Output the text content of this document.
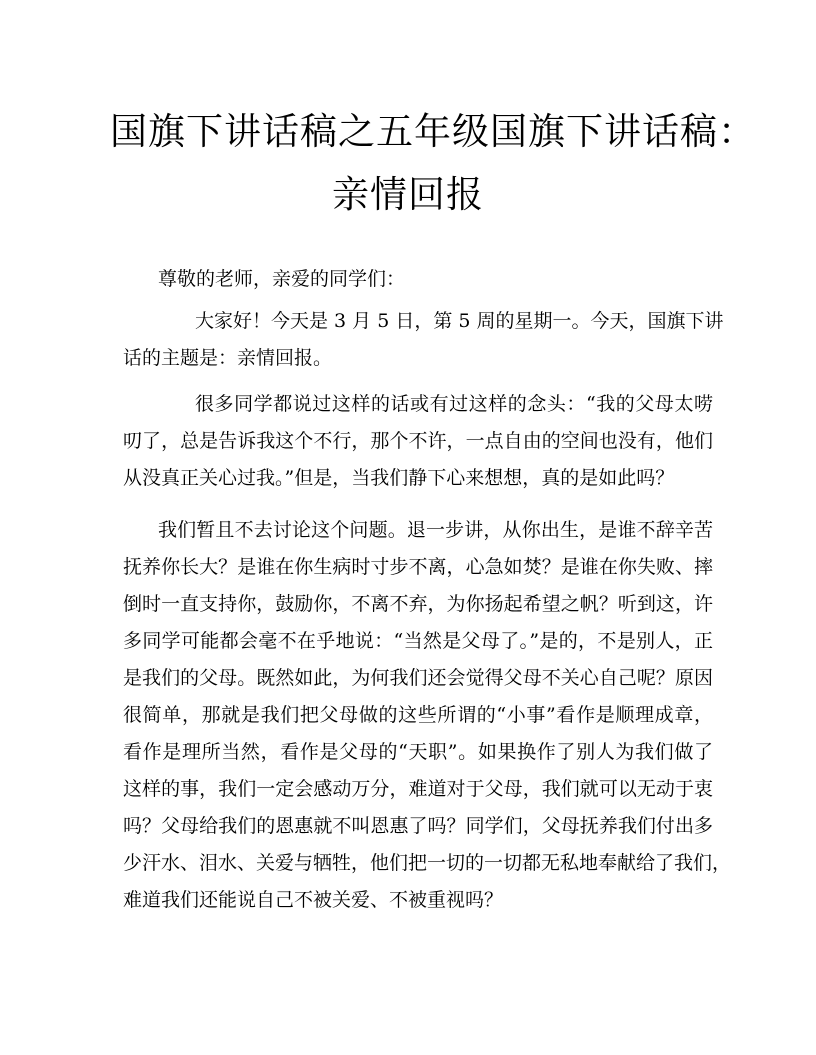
国旗下讲话稿之五年级国旗下讲话稿：
亲情回报
尊敬的老师，亲爱的同学们：
大家好！今天是 3 月 5 日，第 5 周的星期一。今天，国旗下讲
话的主题是：亲情回报。
很多同学都说过这样的话或有过这样的念头：“我的父母太唠
叨了，总是告诉我这个不行，那个不许，一点自由的空间也没有，他们
从没真正关心过我。”但是，当我们静下心来想想，真的是如此吗？
我们暂且不去讨论这个问题。退一步讲，从你出生，是谁不辞辛苦
抚养你长大？是谁在你生病时寸步不离，心急如焚？是谁在你失败、摔
倒时一直支持你，鼓励你，不离不弃，为你扬起希望之帆？听到这，许
多同学可能都会毫不在乎地说：“当然是父母了。”是的，不是别人，正
是我们的父母。既然如此，为何我们还会觉得父母不关心自己呢？原因
很简单，那就是我们把父母做的这些所谓的“小事”看作是顺理成章，
看作是理所当然，看作是父母的“天职”。如果换作了别人为我们做了
这样的事，我们一定会感动万分，难道对于父母，我们就可以无动于衷
吗？父母给我们的恩惠就不叫恩惠了吗？同学们，父母抚养我们付出多
少汗水、泪水、关爱与牺牲，他们把一切的一切都无私地奉献给了我们，
难道我们还能说自己不被关爱、不被重视吗？
